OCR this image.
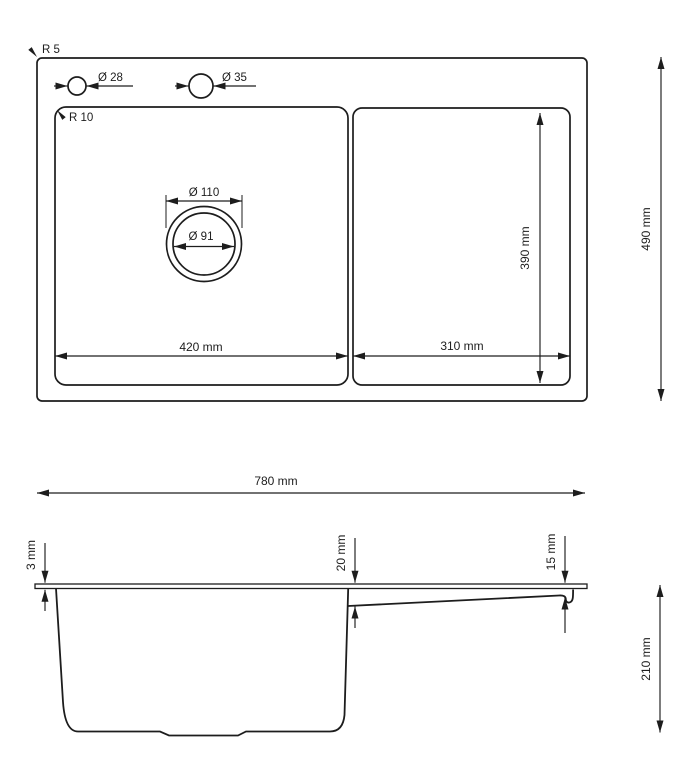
R 5
R 10
Ø 28	Ø 35
Ø 110
Ø 91
420 mm	310 mm
390 mm	490 mm
780 mm
3 mm	20 mm	15 mm
210 mm
